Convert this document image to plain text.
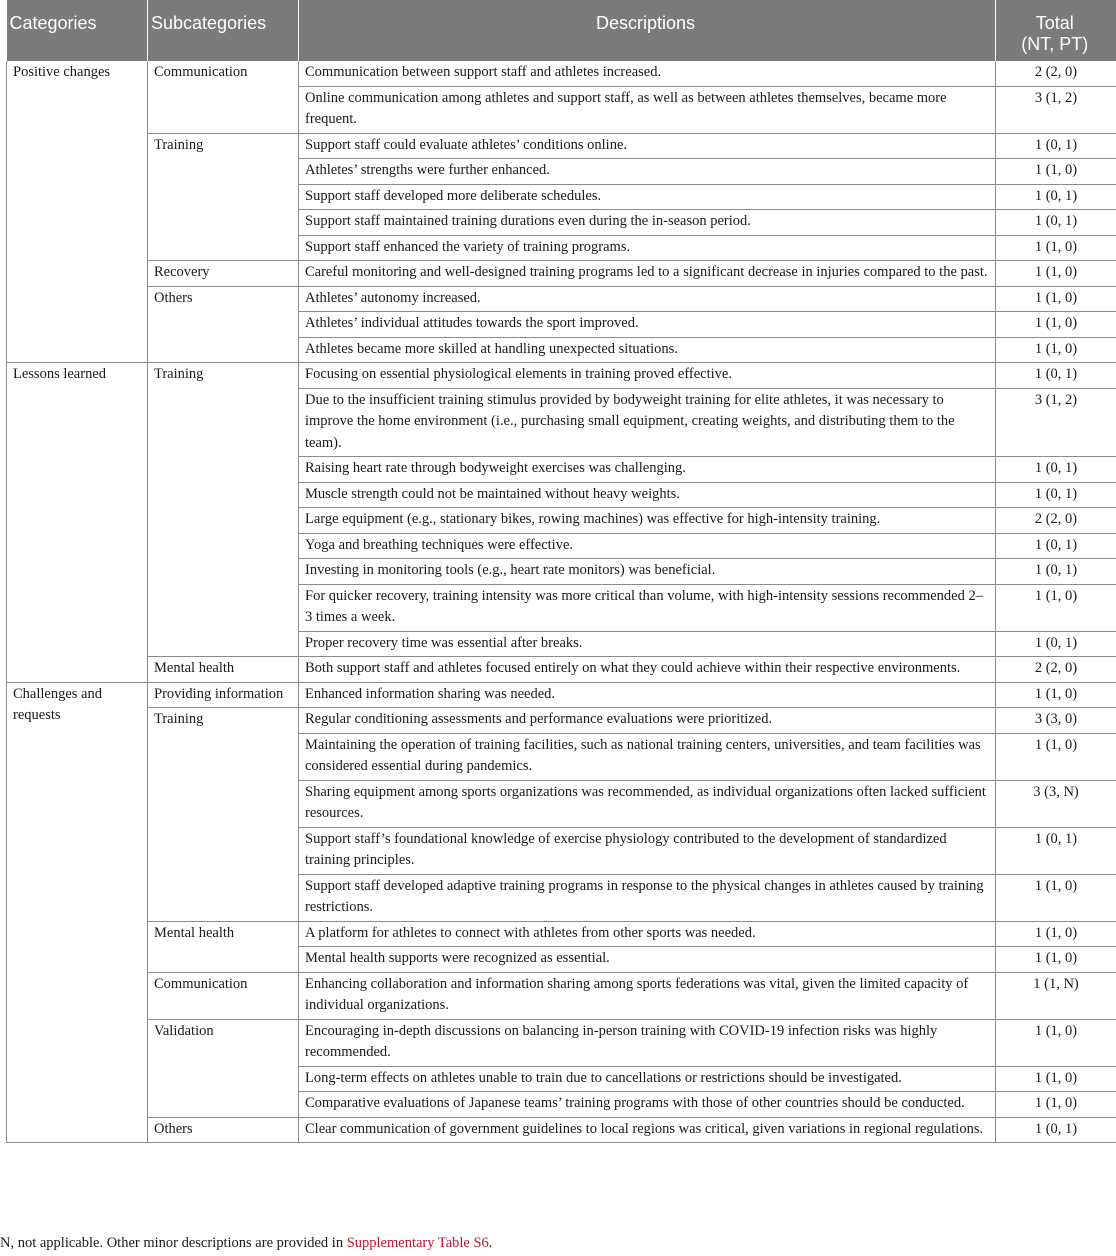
Categories	Subcategories	Descriptions	Total
(NT, PT)
Positive changes	Communication	Communication between support staff and athletes increased.	2 (2, 0)
		Online communication among athletes and support staff, as well as between athletes themselves, became more frequent.	3 (1, 2)
	Training	Support staff could evaluate athletes’ conditions online.	1 (0, 1)
		Athletes’ strengths were further enhanced.	1 (1, 0)
		Support staff developed more deliberate schedules.	1 (0, 1)
		Support staff maintained training durations even during the in-season period.	1 (0, 1)
		Support staff enhanced the variety of training programs.	1 (1, 0)
	Recovery	Careful monitoring and well-designed training programs led to a significant decrease in injuries compared to the past.	1 (1, 0)
	Others	Athletes’ autonomy increased.	1 (1, 0)
		Athletes’ individual attitudes towards the sport improved.	1 (1, 0)
		Athletes became more skilled at handling unexpected situations.	1 (1, 0)
Lessons learned	Training	Focusing on essential physiological elements in training proved effective.	1 (0, 1)
		Due to the insufficient training stimulus provided by bodyweight training for elite athletes, it was necessary to improve the home environment (i.e., purchasing small equipment, creating weights, and distributing them to the team).	3 (1, 2)
		Raising heart rate through bodyweight exercises was challenging.	1 (0, 1)
		Muscle strength could not be maintained without heavy weights.	1 (0, 1)
		Large equipment (e.g., stationary bikes, rowing machines) was effective for high-intensity training.	2 (2, 0)
		Yoga and breathing techniques were effective.	1 (0, 1)
		Investing in monitoring tools (e.g., heart rate monitors) was beneficial.	1 (0, 1)
		For quicker recovery, training intensity was more critical than volume, with high-intensity sessions recommended 2–3 times a week.	1 (1, 0)
		Proper recovery time was essential after breaks.	1 (0, 1)
	Mental health	Both support staff and athletes focused entirely on what they could achieve within their respective environments.	2 (2, 0)
Challenges and requests	Providing information	Enhanced information sharing was needed.	1 (1, 0)
	Training	Regular conditioning assessments and performance evaluations were prioritized.	3 (3, 0)
		Maintaining the operation of training facilities, such as national training centers, universities, and team facilities was considered essential during pandemics.	1 (1, 0)
		Sharing equipment among sports organizations was recommended, as individual organizations often lacked sufficient resources.	3 (3, N)
		Support staff’s foundational knowledge of exercise physiology contributed to the development of standardized training principles.	1 (0, 1)
		Support staff developed adaptive training programs in response to the physical changes in athletes caused by training restrictions.	1 (1, 0)
	Mental health	A platform for athletes to connect with athletes from other sports was needed.	1 (1, 0)
		Mental health supports were recognized as essential.	1 (1, 0)
	Communication	Enhancing collaboration and information sharing among sports federations was vital, given the limited capacity of individual organizations.	1 (1, N)
	Validation	Encouraging in-depth discussions on balancing in-person training with COVID-19 infection risks was highly recommended.	1 (1, 0)
		Long-term effects on athletes unable to train due to cancellations or restrictions should be investigated.	1 (1, 0)
		Comparative evaluations of Japanese teams’ training programs with those of other countries should be conducted.	1 (1, 0)
	Others	Clear communication of government guidelines to local regions was critical, given variations in regional regulations.	1 (0, 1)
N, not applicable. Other minor descriptions are provided in Supplementary Table S6.
